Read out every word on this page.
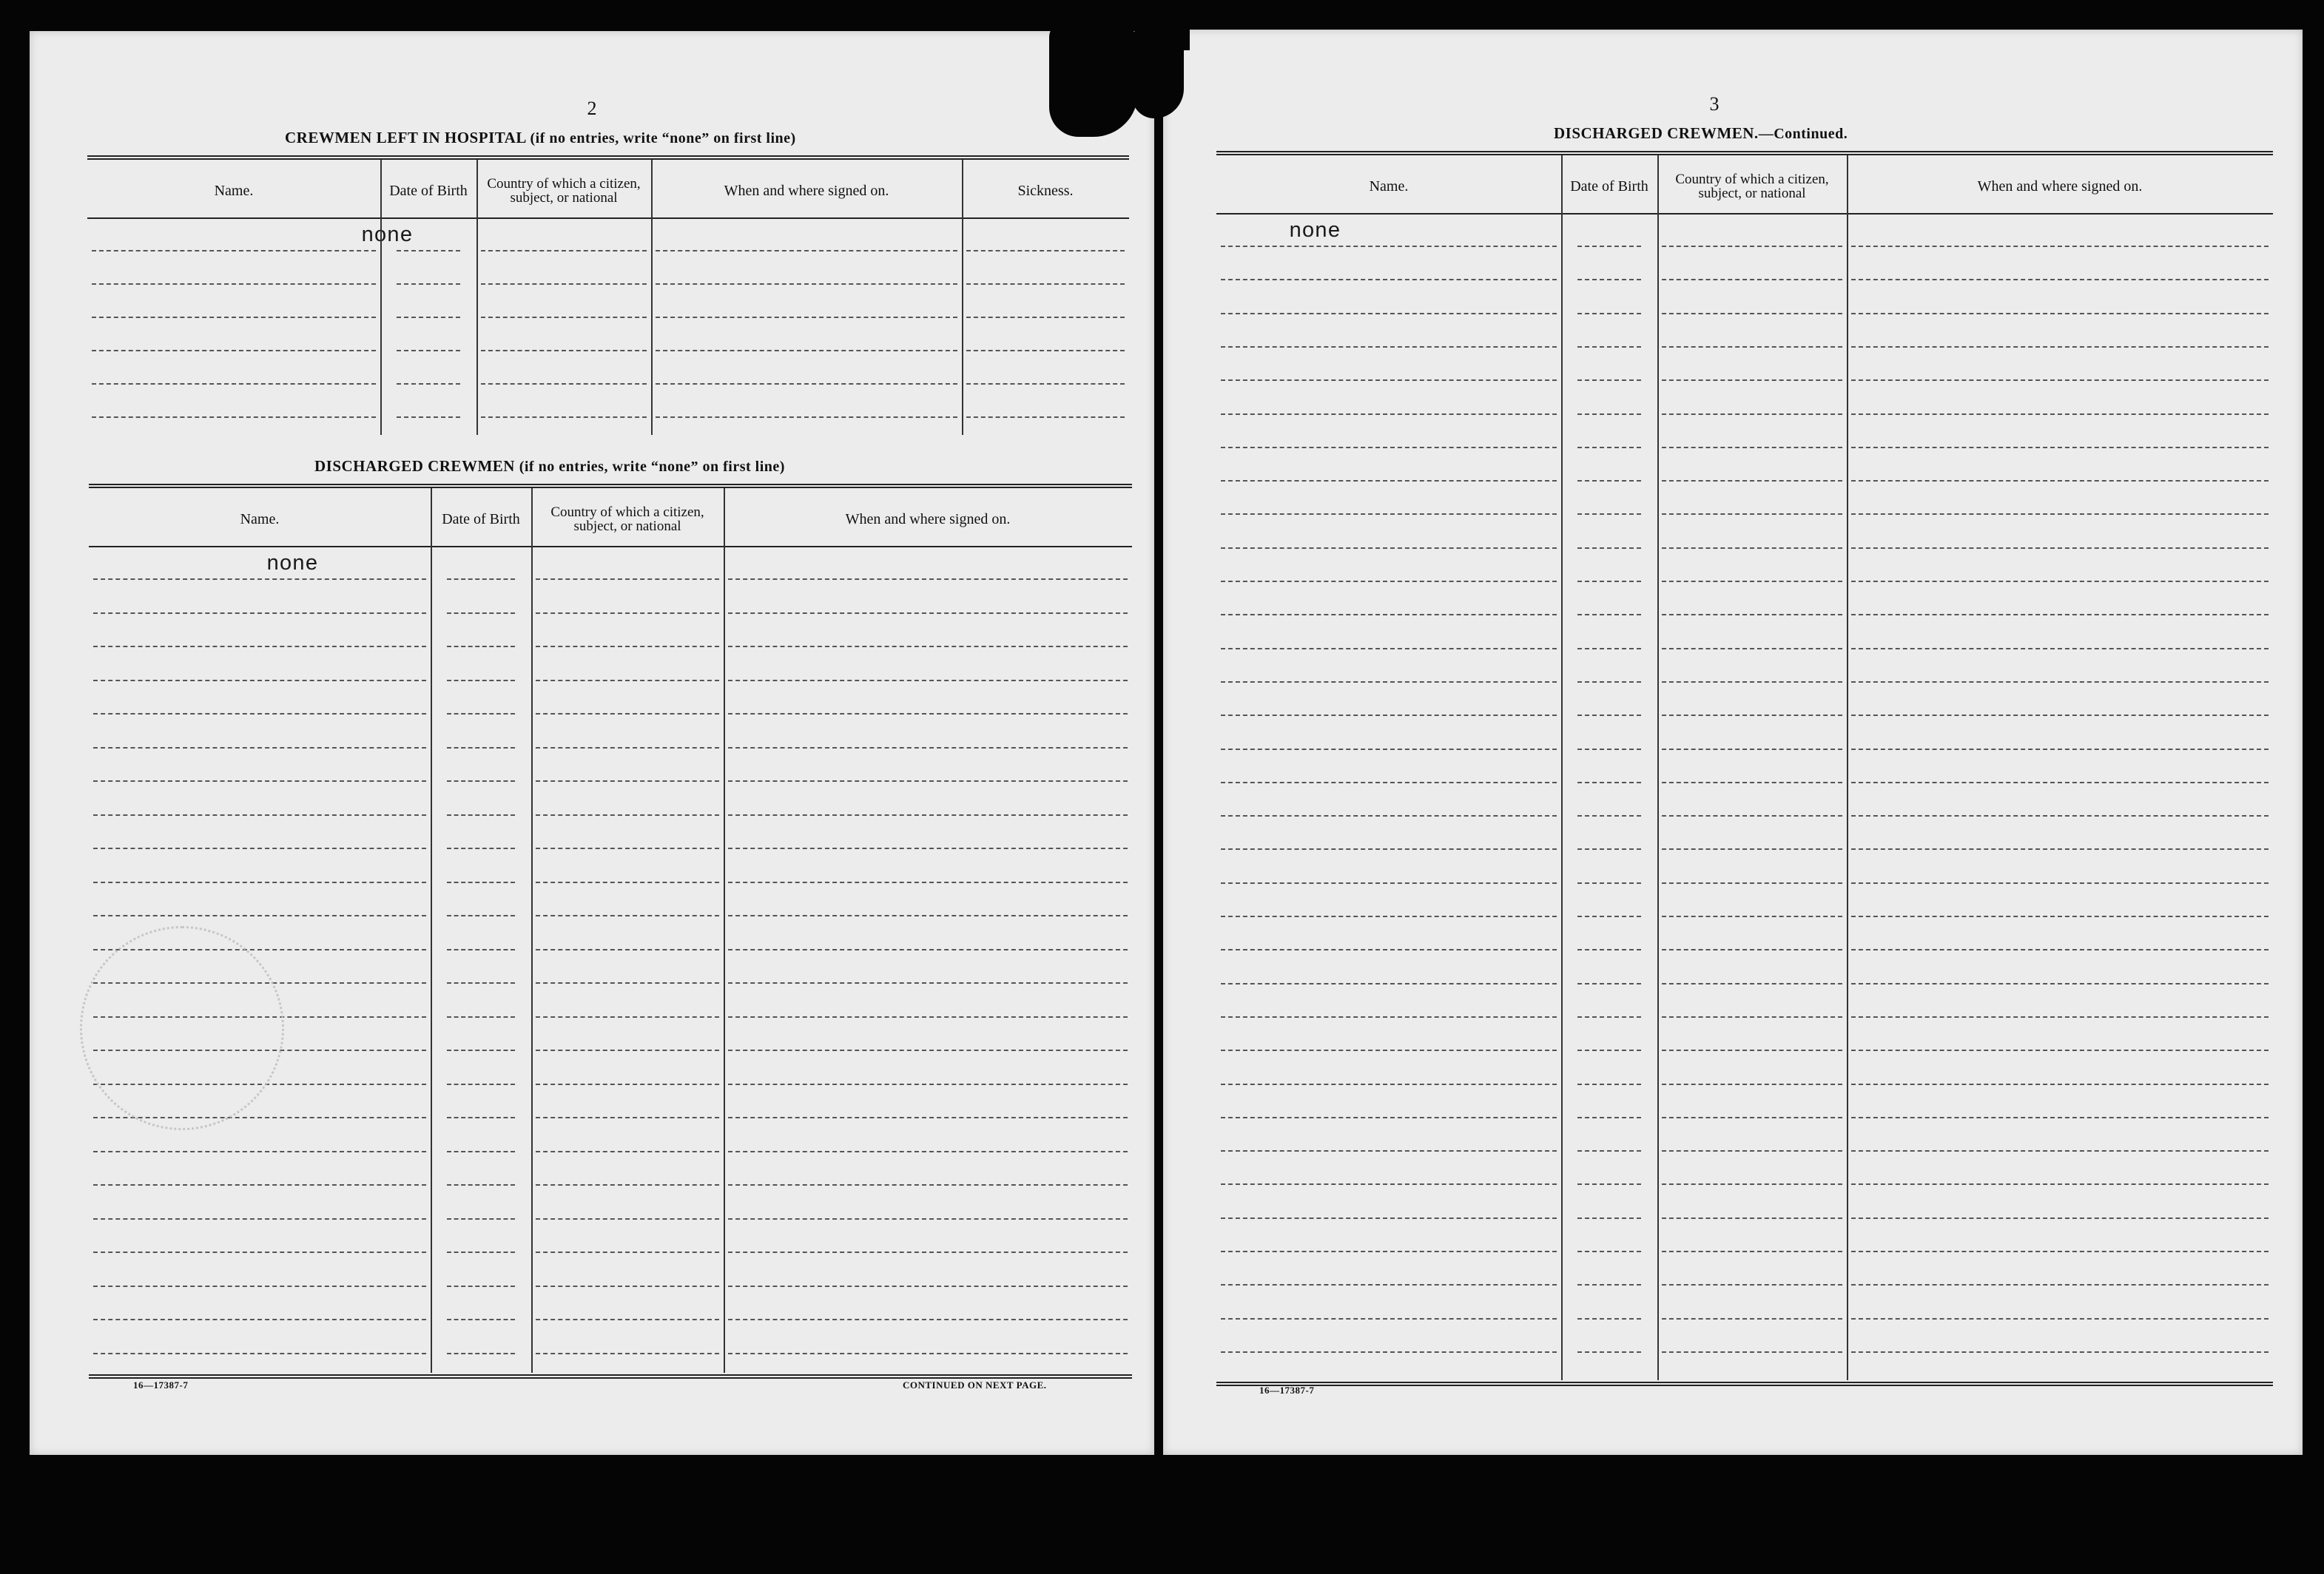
2
CREWMEN LEFT IN HOSPITAL (if no entries, write “none” on first line)
Name.	Date of Birth	Country of which a citizen, subject, or national	When and where signed on.	Sickness.
none
DISCHARGED CREWMEN (if no entries, write “none” on first line)
Name.	Date of Birth	Country of which a citizen, subject, or national	When and where signed on.
none
16—17387-7	CONTINUED ON NEXT PAGE.
3
DISCHARGED CREWMEN.—Continued.
Name.	Date of Birth	Country of which a citizen, subject, or national	When and where signed on.
none
16—17387-7
